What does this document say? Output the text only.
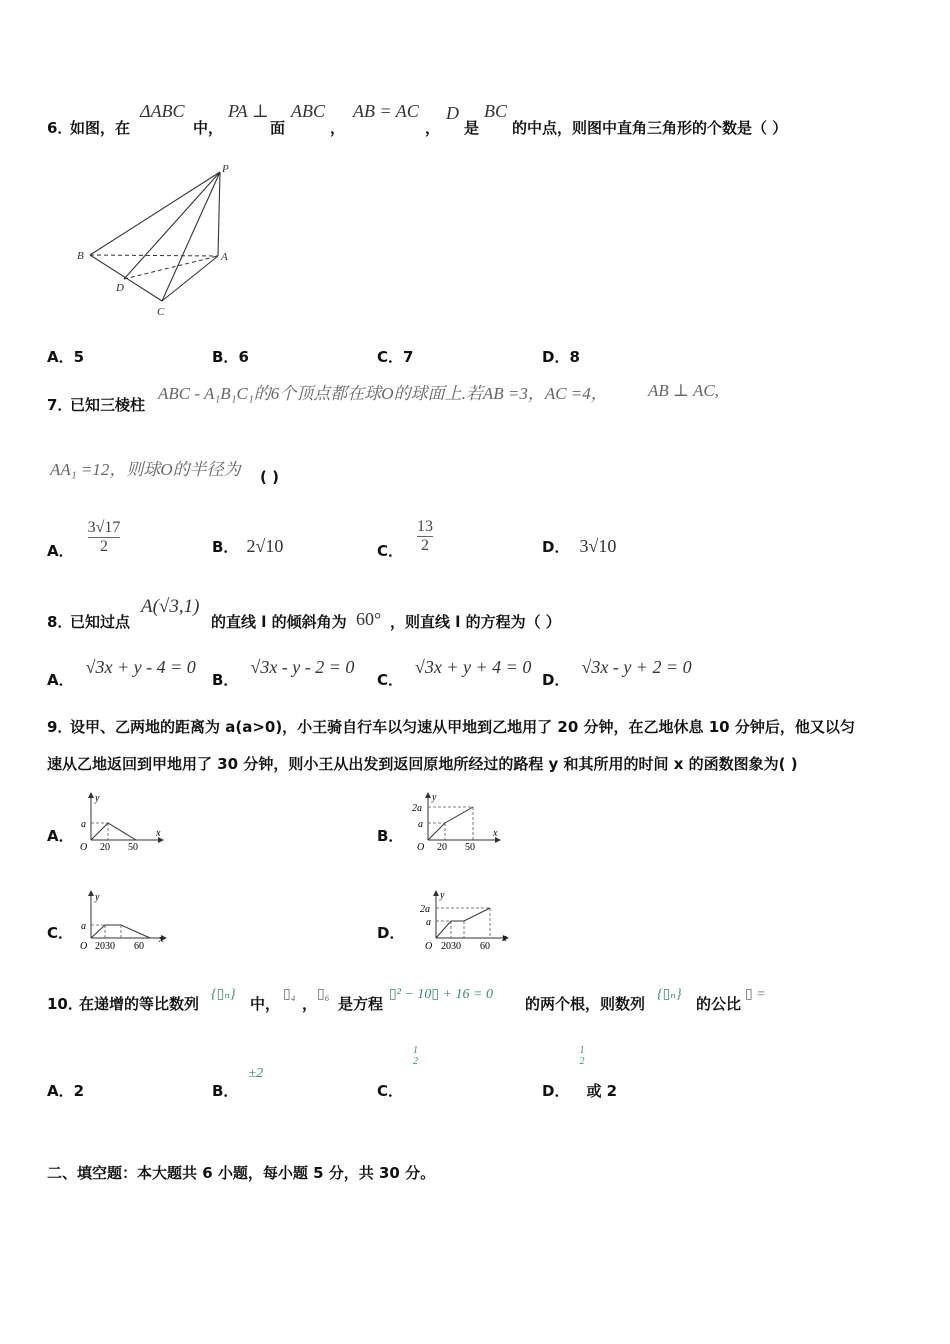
6．
如图，在
ΔABC
中，
PA ⊥
面
ABC
，
AB = AC
，
D
是
BC
的中点，则图中直角三角形的个数是（ ）
P
B	A
D
C
A．5	B．6	C．7	D．8
7．
已知三棱柱
ABC - A₁B₁C₁的6个顶点都在球O的球面上.若AB =3，AC =4， AB ⊥ AC,
AA₁ =12，则球O的半径为 ( )
A． $\frac{3√17}{2}$	B． 2√10	C． $\frac{13}{2}$	D． 3√10
8．
已知过点
A(√3,1)
的直线 l 的倾斜角为 60° ，则直线 l 的方程为（ ）
A．
√3x + y - 4 = 0
B．
√3x - y - 2 = 0
C．
√3x + y + 4 = 0
D．
√3x - y + 2 = 0
9．
设甲、乙两地的距离为 a(a>0)，小王骑自行车以匀速从甲地到乙地用了 20 分钟，在乙地休息 10 分钟后，他又以匀
速从乙地返回到甲地用了 30 分钟，则小王从出发到返回原地所经过的路程 y 和其所用的时间 x 的函数图象为( )
A．
y
x
O
a
20 50
B．
y
x
O
a
2a
20 50
C．
y
x
O
a
2030 60
D．
y
x
O
a
2a
2030 60
10．
在递增的等比数列
{▯ₙ}
中，
▯₄
，
▯₆
是方程
▯² − 10▯ + 16 = 0
的两个根，则数列
{▯ₙ}
的公比
▯ =
A．2	B．
±2
C．
1
2
D．
1
2
或 2
二、填空题：本大题共 6 小题，每小题 5 分，共 30 分。
